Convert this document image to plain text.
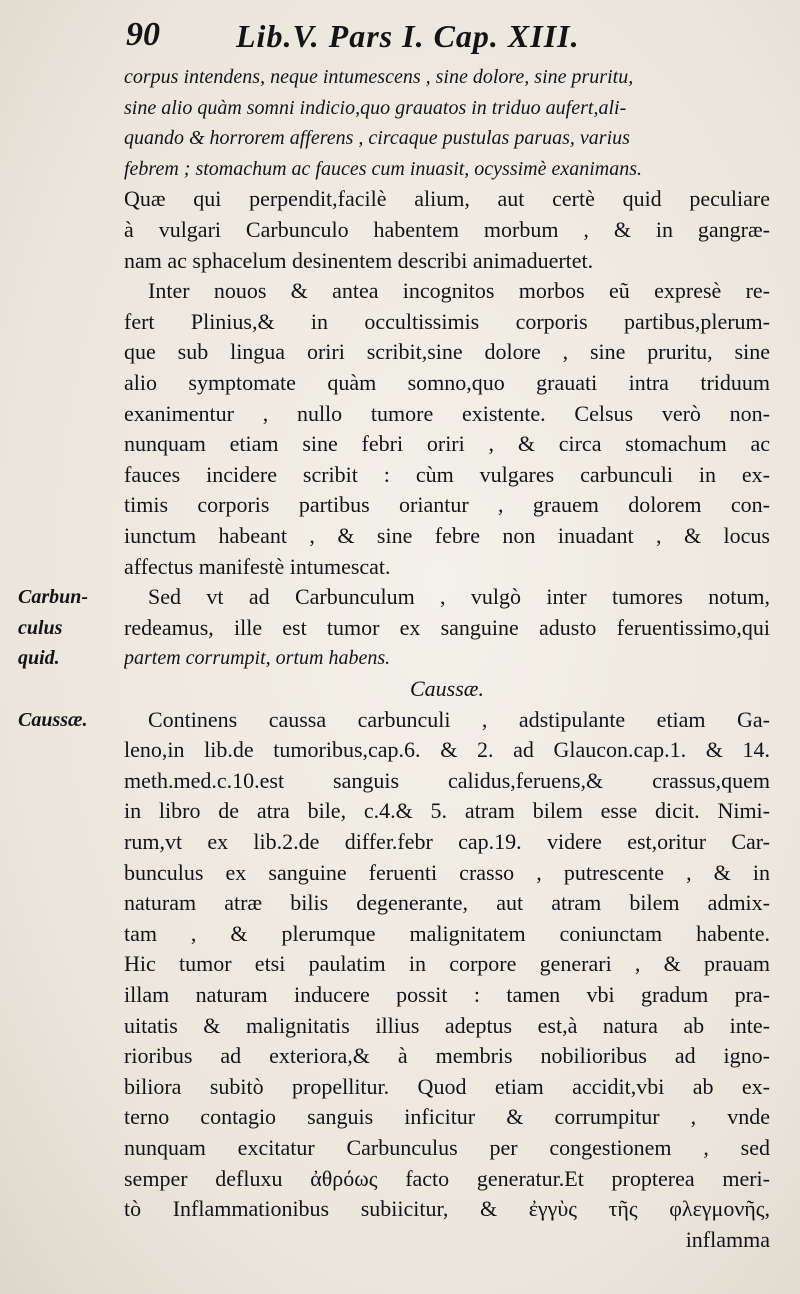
90 Lib.V. Pars I. Cap. XIII.
corpus intendens, neque intumescens , sine dolore, sine pruritu,
sine alio quàm somni indicio,quo grauatos in triduo aufert,ali-
quando & horrorem afferens , circaque pustulas paruas, varius
febrem ; stomachum ac fauces cum inuasit, ocyssimè exanimans.
Quæ qui perpendit,facilè alium, aut certè quid peculiare
à vulgari Carbunculo habentem morbum , & in gangræ-
nam ac sphacelum desinentem describi animaduertet.
Inter nouos & antea incognitos morbos eũ expresè re-
fert Plinius,& in occultissimis corporis partibus,plerum-
que sub lingua oriri scribit,sine dolore , sine pruritu, sine
alio symptomate quàm somno,quo grauati intra triduum
exanimentur , nullo tumore existente. Celsus verò non-
nunquam etiam sine febri oriri , & circa stomachum ac
fauces incidere scribit : cùm vulgares carbunculi in ex-
timis corporis partibus oriantur , grauem dolorem con-
iunctum habeant , & sine febre non inuadant , & locus
affectus manifestè intumescat.
Sed vt ad Carbunculum , vulgò inter tumores notum,
redeamus, ille est tumor ex sanguine adusto feruentissimo,qui
partem corrumpit, ortum habens.
Caussæ.
Continens caussa carbunculi , adstipulante etiam Ga-
leno,in lib.de tumoribus,cap.6. & 2. ad Glaucon.cap.1. & 14.
meth.med.c.10.est sanguis calidus,feruens,& crassus,quem
in libro de atra bile, c.4.& 5. atram bilem esse dicit. Nimi-
rum,vt ex lib.2.de differ.febr cap.19. videre est,oritur Car-
bunculus ex sanguine feruenti crasso , putrescente , & in
naturam atræ bilis degenerante, aut atram bilem admix-
tam , & plerumque malignitatem coniunctam habente.
Hic tumor etsi paulatim in corpore generari , & prauam
illam naturam inducere possit : tamen vbi gradum pra-
uitatis & malignitatis illius adeptus est,à natura ab inte-
rioribus ad exteriora,& à membris nobilioribus ad igno-
biliora subitò propellitur. Quod etiam accidit,vbi ab ex-
terno contagio sanguis inficitur & corrumpitur , vnde
nunquam excitatur Carbunculus per congestionem , sed
semper defluxu ἀθρόως facto generatur.Et propterea meri-
tò Inflammationibus subiicitur, & ἐγγὺς τῆς φλεγμονῆς,
inflamma
Carbun-
culus
quid.
Caussæ.
